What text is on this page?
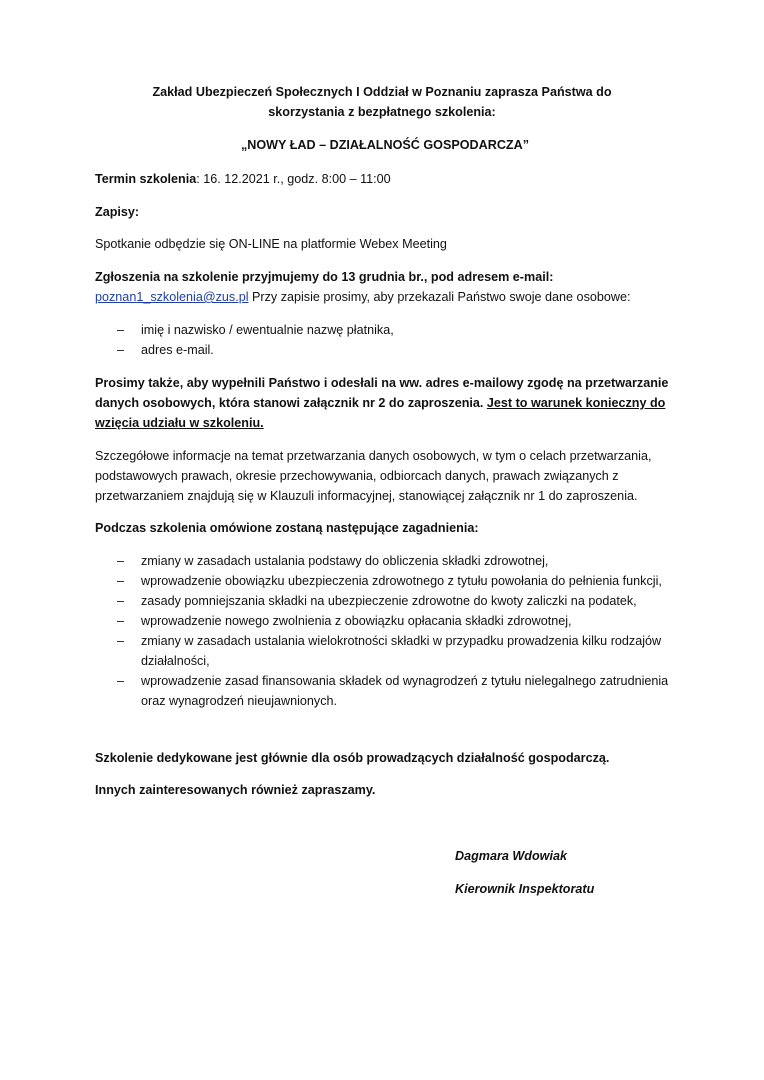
Zakład Ubezpieczeń Społecznych I Oddział w Poznaniu zaprasza Państwa do skorzystania z bezpłatnego szkolenia:

„NOWY ŁAD – DZIAŁALNOŚĆ GOSPODARCZA”

Termin szkolenia: 16. 12.2021 r., godz. 8:00 – 11:00

Zapisy:

Spotkanie odbędzie się ON-LINE na platformie Webex Meeting

Zgłoszenia na szkolenie przyjmujemy do 13 grudnia br., pod adresem e-mail:
poznan1_szkolenia@zus.pl Przy zapisie prosimy, aby przekazali Państwo swoje dane osobowe:

– imię i nazwisko / ewentualnie nazwę płatnika,
– adres e-mail.

Prosimy także, aby wypełnili Państwo i odesłali na ww. adres e-mailowy zgodę na przetwarzanie danych osobowych, która stanowi załącznik nr 2 do zaproszenia. Jest to warunek konieczny do wzięcia udziału w szkoleniu.

Szczegółowe informacje na temat przetwarzania danych osobowych, w tym o celach przetwarzania, podstawowych prawach, okresie przechowywania, odbiorcach danych, prawach związanych z przetwarzaniem znajdują się w Klauzuli informacyjnej, stanowiącej załącznik nr 1 do zaproszenia.

Podczas szkolenia omówione zostaną następujące zagadnienia:

– zmiany w zasadach ustalania podstawy do obliczenia składki zdrowotnej,
– wprowadzenie obowiązku ubezpieczenia zdrowotnego z tytułu powołania do pełnienia funkcji,
– zasady pomniejszania składki na ubezpieczenie zdrowotne do kwoty zaliczki na podatek,
– wprowadzenie nowego zwolnienia z obowiązku opłacania składki zdrowotnej,
– zmiany w zasadach ustalania wielokrotności składki w przypadku prowadzenia kilku rodzajów działalności,
– wprowadzenie zasad finansowania składek od wynagrodzeń z tytułu nielegalnego zatrudnienia oraz wynagrodzeń nieujawnionych.

Szkolenie dedykowane jest głównie dla osób prowadzących działalność gospodarczą.

Innych zainteresowanych również zapraszamy.

Dagmara Wdowiak
Kierownik Inspektoratu
